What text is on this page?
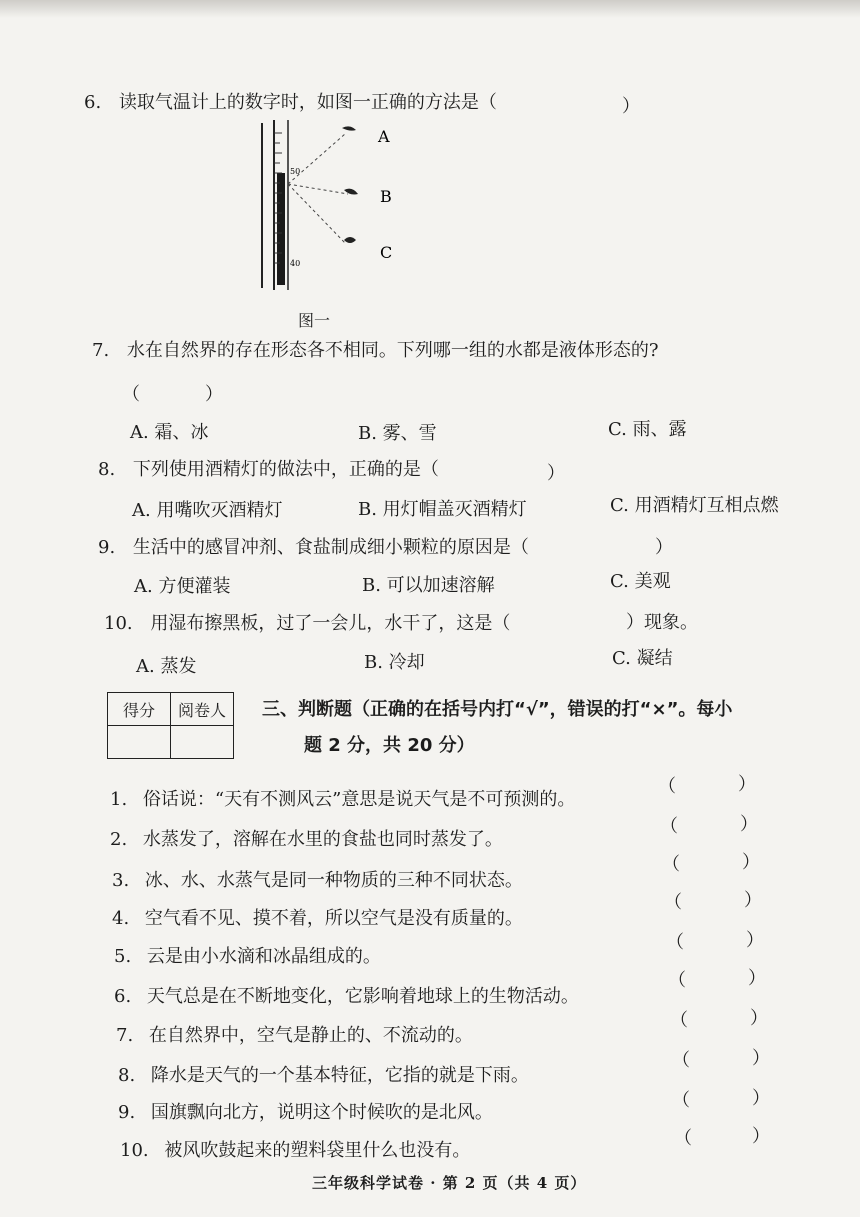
6. 读取气温计上的数字时，如图一正确的方法是（	）
50
40
A
B
C
图一
7. 水在自然界的存在形态各不相同。下列哪一组的水都是液体形态的?
（	）
A. 霜、冰	B. 雾、雪	C. 雨、露
8. 下列使用酒精灯的做法中，正确的是（	）
A. 用嘴吹灭酒精灯	B. 用灯帽盖灭酒精灯	C. 用酒精灯互相点燃
9. 生活中的感冒冲剂、食盐制成细小颗粒的原因是（	）
A. 方便灌装	B. 可以加速溶解	C. 美观
10. 用湿布擦黑板，过了一会儿，水干了，这是（	）现象。
A. 蒸发	B. 冷却	C. 凝结
得分	阅卷人
	三、判断题（正确的在括号内打“√”，错误的打“×”。每小
题 2 分，共 20 分）
1. 俗话说：“天有不测风云”意思是说天气是不可预测的。
（	）
2. 水蒸发了，溶解在水里的食盐也同时蒸发了。
（	）
3. 冰、水、水蒸气是同一种物质的三种不同状态。
（	）
4. 空气看不见、摸不着，所以空气是没有质量的。
（	）
5. 云是由小水滴和冰晶组成的。
（	）
6. 天气总是在不断地变化，它影响着地球上的生物活动。
（	）
7. 在自然界中，空气是静止的、不流动的。
（	）
8. 降水是天气的一个基本特征，它指的就是下雨。
（	）
9. 国旗飘向北方，说明这个时候吹的是北风。
（	）
10. 被风吹鼓起来的塑料袋里什么也没有。
（	）
三年级科学试卷 · 第 2 页（共 4 页）
